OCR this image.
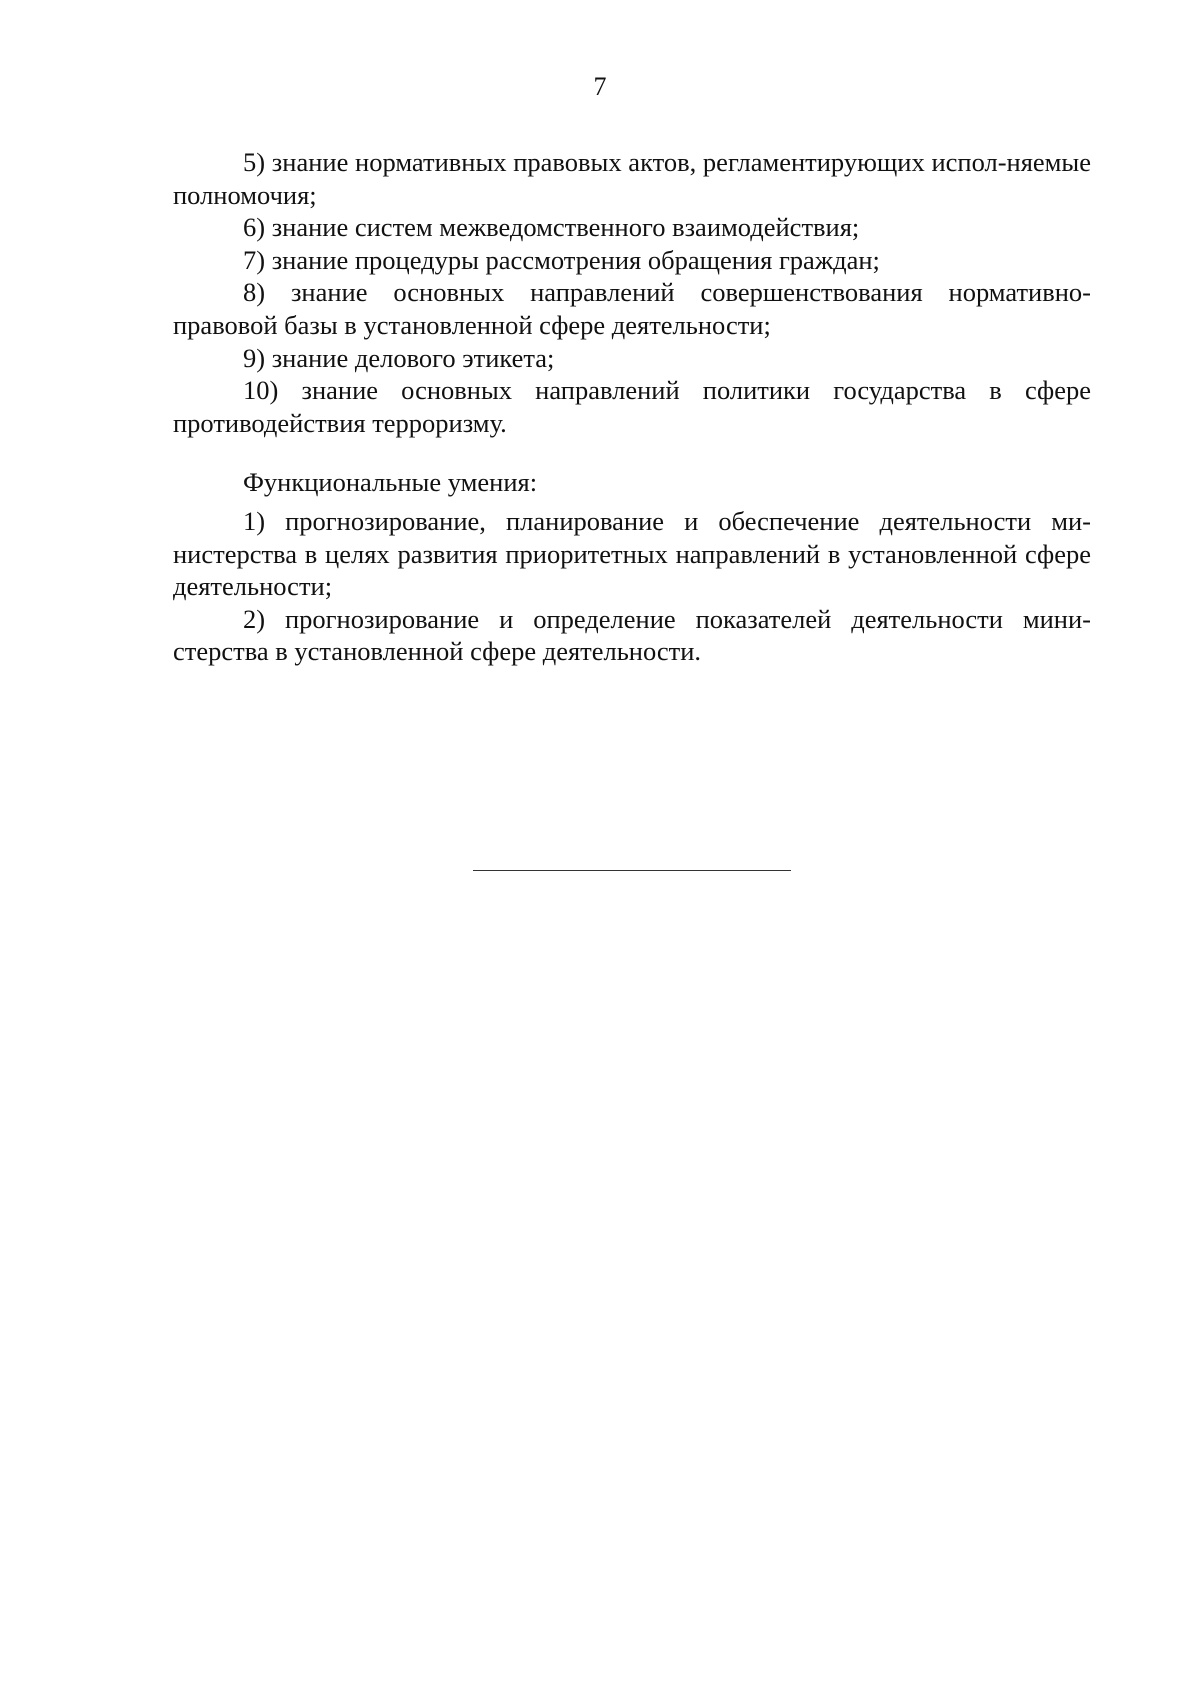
7

5) знание нормативных правовых актов, регламентирующих испол-няемые полномочия;

6) знание систем межведомственного взаимодействия;

7) знание процедуры рассмотрения обращения граждан;

8) знание основных направлений совершенствования нормативно-правовой базы в установленной сфере деятельности;

9) знание делового этикета;

10) знание основных направлений политики государства в сфере противодействия терроризму.

Функциональные умения:

1) прогнозирование, планирование и обеспечение деятельности ми-нистерства в целях развития приоритетных направлений в установленной сфере деятельности;

2) прогнозирование и определение показателей деятельности мини-стерства в установленной сфере деятельности.
